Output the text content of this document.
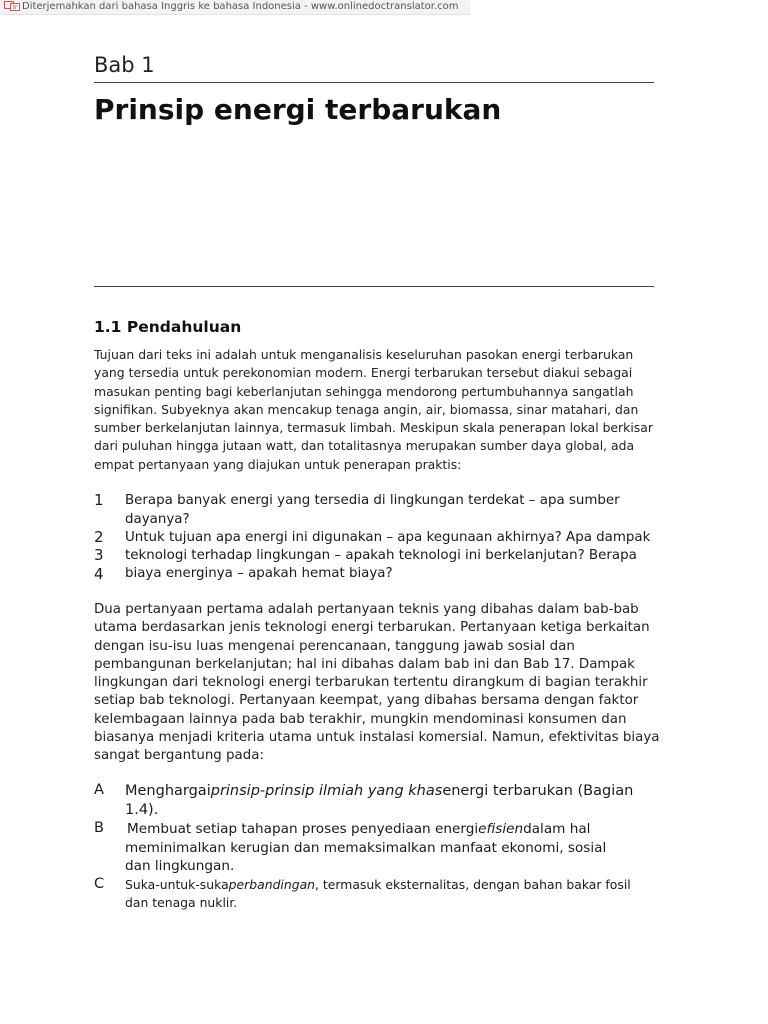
Diterjemahkan dari bahasa Inggris ke bahasa Indonesia - www.onlinedoctranslator.com
Bab 1
Prinsip energi terbarukan
1.1 Pendahuluan
Tujuan dari teks ini adalah untuk menganalisis keseluruhan pasokan energi terbarukan
yang tersedia untuk perekonomian modern. Energi terbarukan tersebut diakui sebagai
masukan penting bagi keberlanjutan sehingga mendorong pertumbuhannya sangatlah
signifikan. Subyeknya akan mencakup tenaga angin, air, biomassa, sinar matahari, dan
sumber berkelanjutan lainnya, termasuk limbah. Meskipun skala penerapan lokal berkisar
dari puluhan hingga jutaan watt, dan totalitasnya merupakan sumber daya global, ada
empat pertanyaan yang diajukan untuk penerapan praktis:
1 Berapa banyak energi yang tersedia di lingkungan terdekat – apa sumber
dayanya?
2 Untuk tujuan apa energi ini digunakan – apa kegunaan akhirnya? Apa dampak
3 teknologi terhadap lingkungan – apakah teknologi ini berkelanjutan? Berapa
4 biaya energinya – apakah hemat biaya?
Dua pertanyaan pertama adalah pertanyaan teknis yang dibahas dalam bab-bab
utama berdasarkan jenis teknologi energi terbarukan. Pertanyaan ketiga berkaitan
dengan isu-isu luas mengenai perencanaan, tanggung jawab sosial dan
pembangunan berkelanjutan; hal ini dibahas dalam bab ini dan Bab 17. Dampak
lingkungan dari teknologi energi terbarukan tertentu dirangkum di bagian terakhir
setiap bab teknologi. Pertanyaan keempat, yang dibahas bersama dengan faktor
kelembagaan lainnya pada bab terakhir, mungkin mendominasi konsumen dan
biasanya menjadi kriteria utama untuk instalasi komersial. Namun, efektivitas biaya
sangat bergantung pada:
A Menghargaiprinsip-prinsip ilmiah yang khasenergi terbarukan (Bagian
1.4).
B Membuat setiap tahapan proses penyediaan energiefisiendalam hal
meminimalkan kerugian dan memaksimalkan manfaat ekonomi, sosial
dan lingkungan.
C Suka-untuk-sukaperbandingan, termasuk eksternalitas, dengan bahan bakar fosil
dan tenaga nuklir.
